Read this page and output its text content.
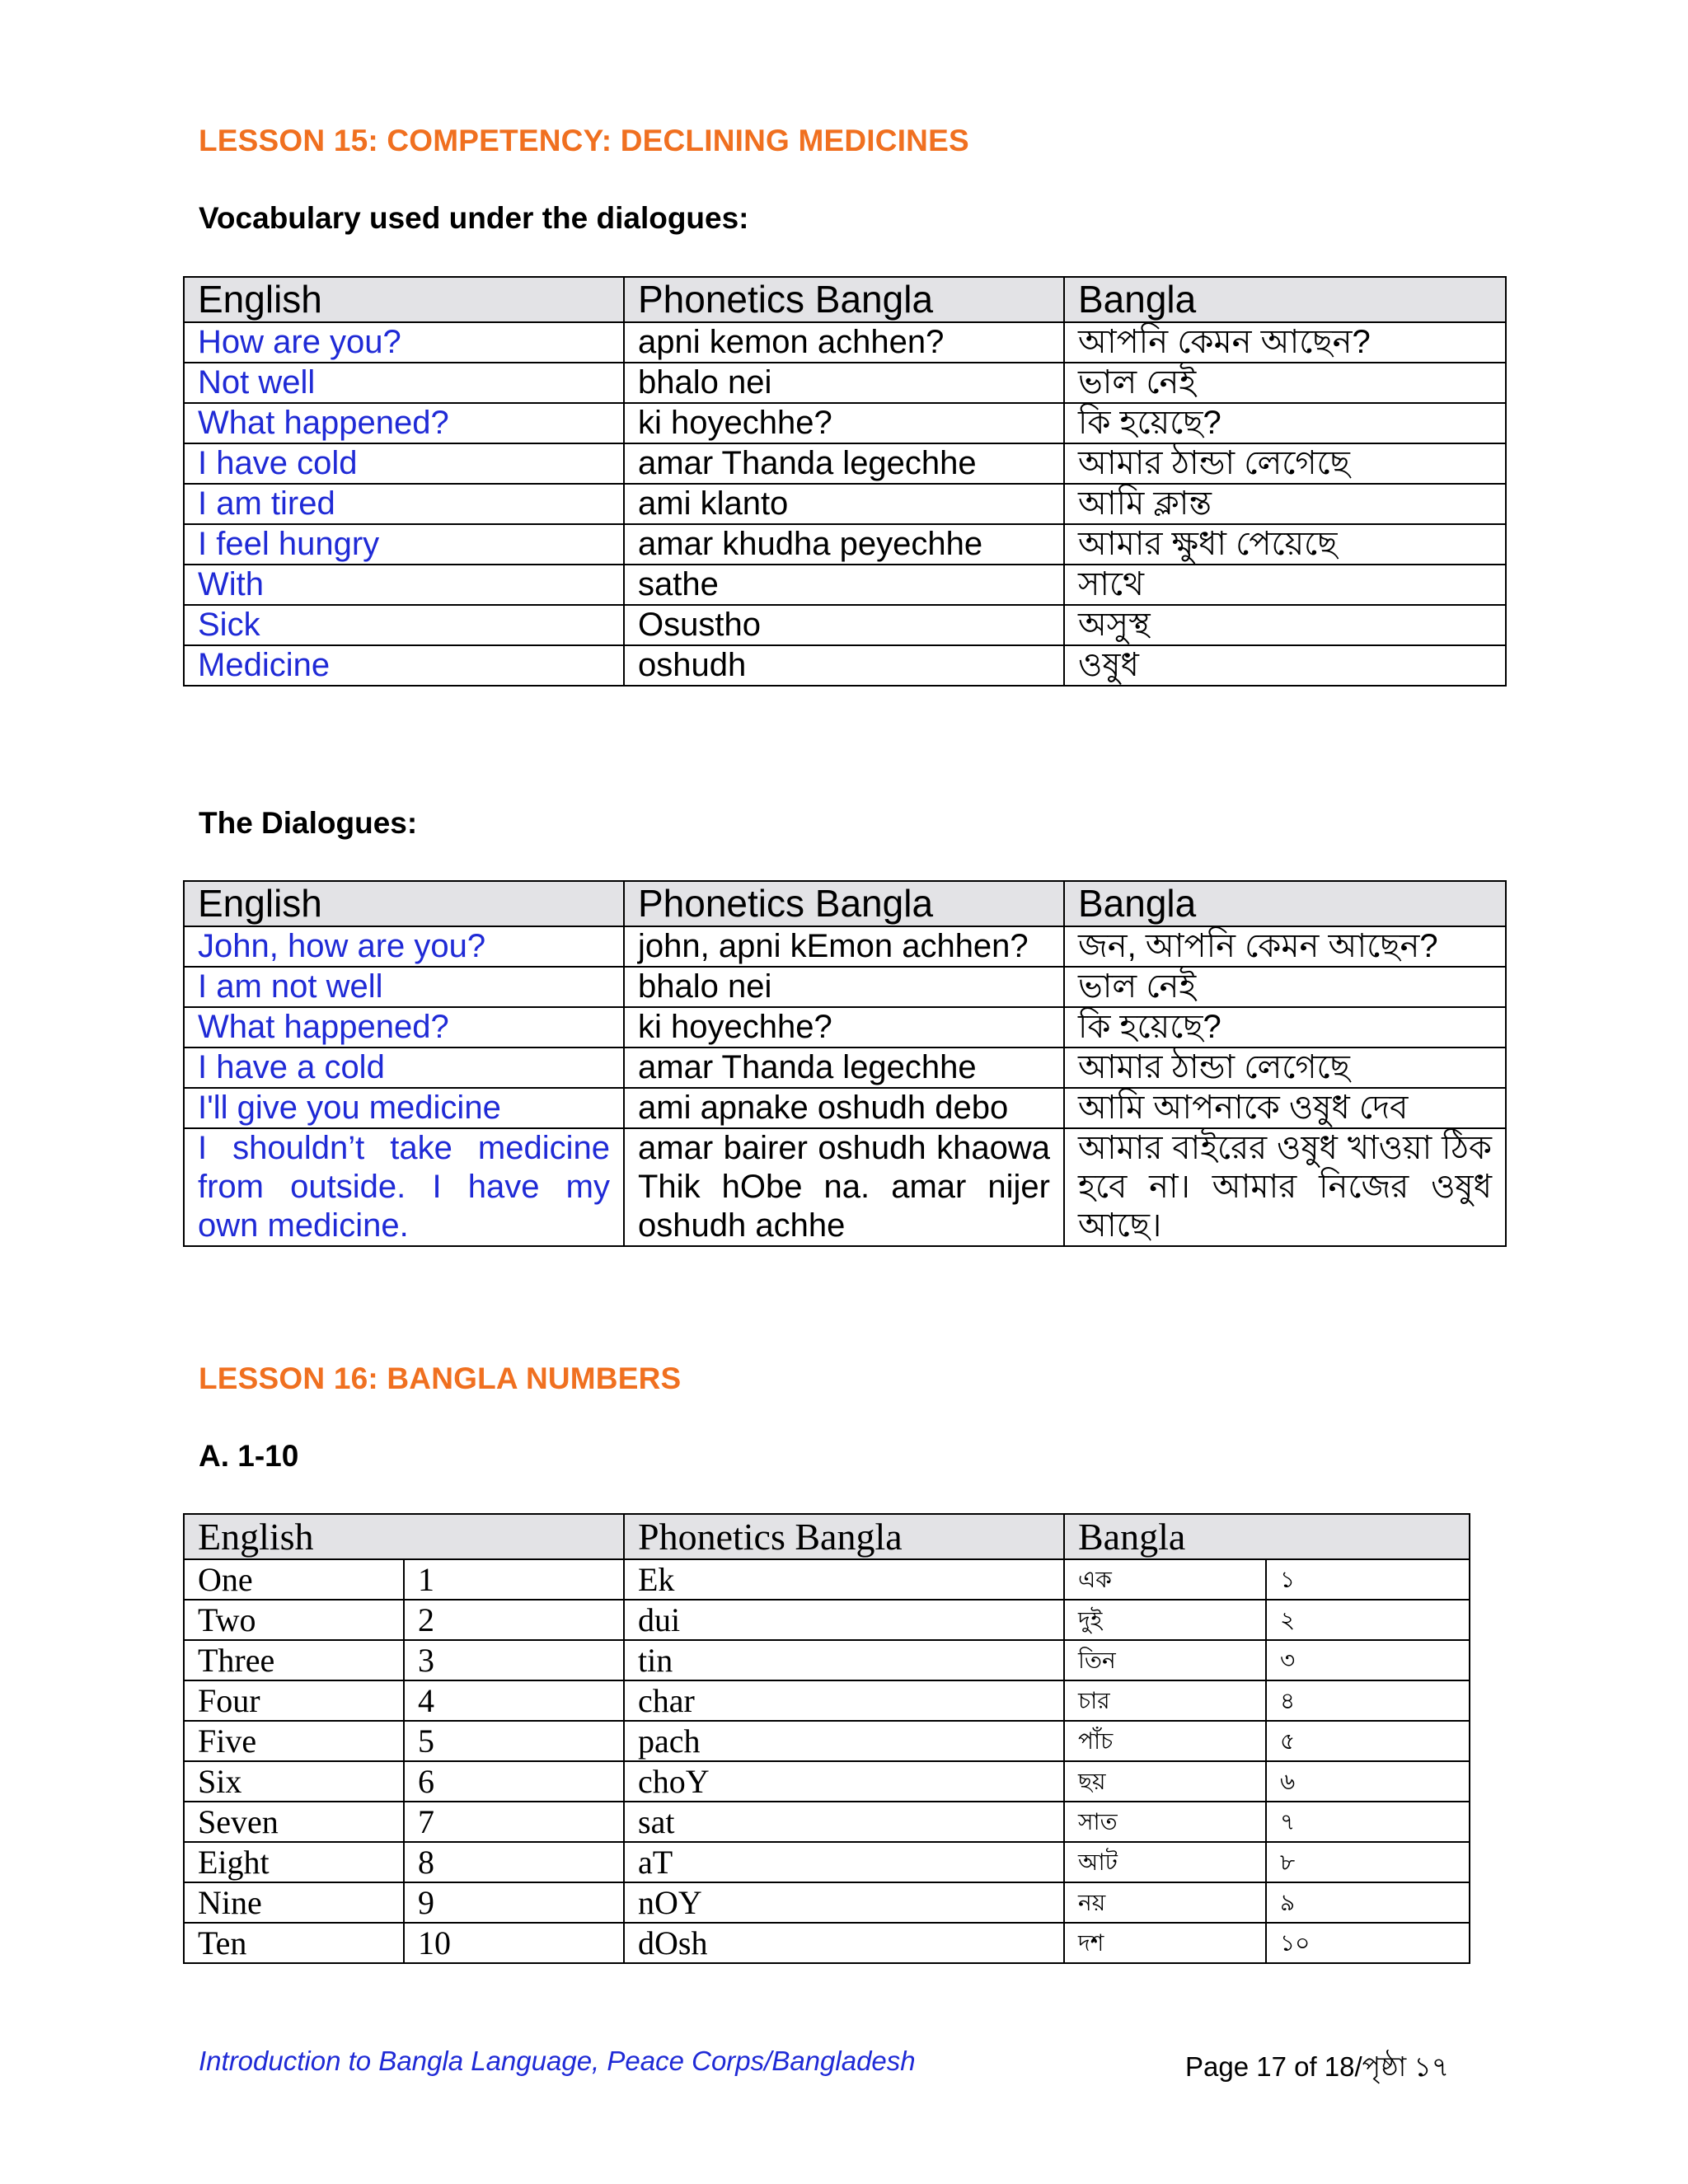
LESSON 15: COMPETENCY: DECLINING MEDICINES
Vocabulary used under the dialogues:
English	Phonetics Bangla	Bangla
How are you?	apni kemon achhen?	আপনি কেমন আছেন?
Not well	bhalo nei	ভাল নেই
What happened?	ki hoyechhe?	কি হয়েছে?
I have cold	amar Thanda legechhe	আমার ঠান্ডা লেগেছে
I am tired	ami klanto	আমি ক্লান্ত
I feel hungry	amar khudha peyechhe	আমার ক্ষুধা পেয়েছে
With	sathe	সাথে
Sick	Osustho	অসুস্থ
Medicine	oshudh	ওষুধ
The Dialogues:
English	Phonetics Bangla	Bangla
John, how are you?	john, apni kEmon achhen?	জন, আপনি কেমন আছেন?
I am not well	bhalo nei	ভাল নেই
What happened?	ki hoyechhe?	কি হয়েছে?
I have a cold	amar Thanda legechhe	আমার ঠান্ডা লেগেছে
I'll give you medicine	ami apnake oshudh debo	আমি আপনাকে ওষুধ দেব
I shouldn’t take medicine from outside. I have my own medicine.	amar bairer oshudh khaowa Thik hObe na. amar nijer oshudh achhe	আমার বাইরের ওষুধ খাওয়া ঠিক হবে না। আমার নিজের ওষুধ আছে।
LESSON 16: BANGLA NUMBERS
A. 1-10
English		Phonetics Bangla	Bangla	
One	1	Ek	এক	১
Two	2	dui	দুই	২
Three	3	tin	তিন	৩
Four	4	char	চার	৪
Five	5	pach	পাঁচ	৫
Six	6	choY	ছয়	৬
Seven	7	sat	সাত	৭
Eight	8	aT	আট	৮
Nine	9	nOY	নয়	৯
Ten	10	dOsh	দশ	১০
Introduction to Bangla Language, Peace Corps/Bangladesh	Page 17 of 18/পৃষ্ঠা ১৭
